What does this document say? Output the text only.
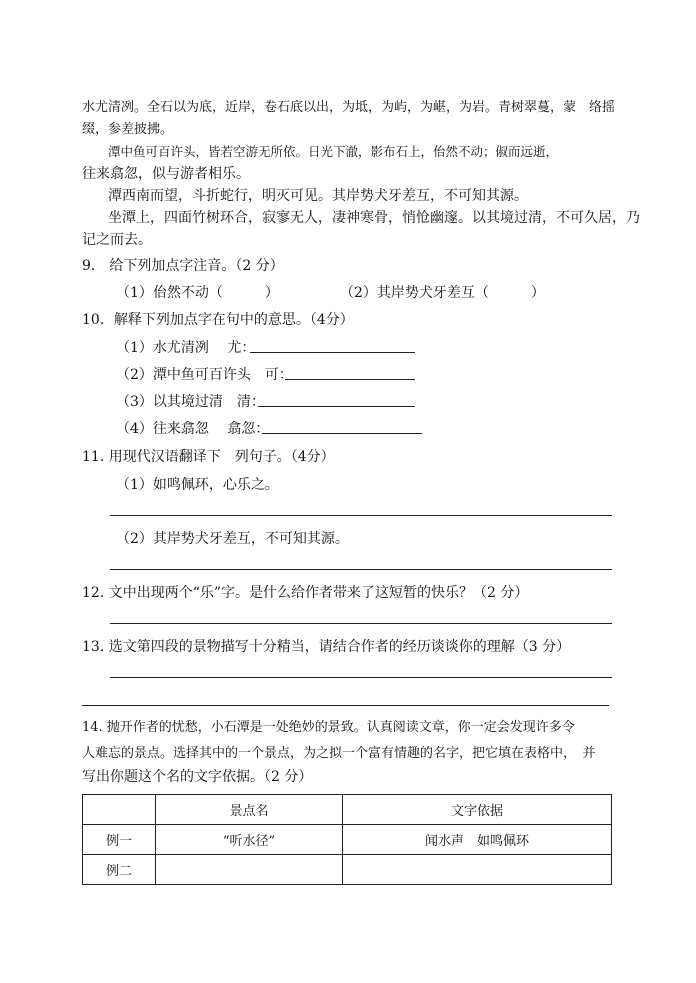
水尤清冽。全石以为底，近岸，卷石底以出，为坻，为屿，为嵁，为岩。青树翠蔓，蒙　络摇
缀，参差披拂。
潭中鱼可百许头，皆若空游无所依。日光下澈，影布石上，佁然不动；俶而远逝，
往来翕忽，似与游者相乐。
潭西南而望，斗折蛇行，明灭可见。其岸势犬牙差互，不可知其源。
坐潭上，四面竹树环合，寂寥无人，凄神寒骨，悄怆幽邃。以其境过清，不可久居，乃
记之而去。
9． 给下列加点字注音。（2 分）
（1）佁然不动（　　　）	（2）其岸势犬牙差互（　　　）
10．解释下列加点字在句中的意思。（4分）
（1）水尤清冽　 尤：
（2）潭中鱼可百许头　可：
（3）以其境过清　清：
（4）往来翕忽　 翕忽：
11. 用现代汉语翻译下　列句子。（4分）
（1）如鸣佩环，心乐之。
（2）其岸势犬牙差互，不可知其源。
12. 文中出现两个“乐”字。是什么给作者带来了这短暂的快乐？（2 分）
13. 选文第四段的景物描写十分精当，请结合作者的经历谈谈你的理解（3 分）
14. 抛开作者的忧愁，小石潭是一处绝妙的景致。认真阅读文章，你一定会发现许多令
人难忘的景点。选择其中的一个景点，为之拟一个富有情趣的名字，把它填在表格中，　并
写出你题这个名的文字依据。（2 分）
	景点名	文字依据
例一	“听水径”	闻水声　如鸣佩环
例二		
